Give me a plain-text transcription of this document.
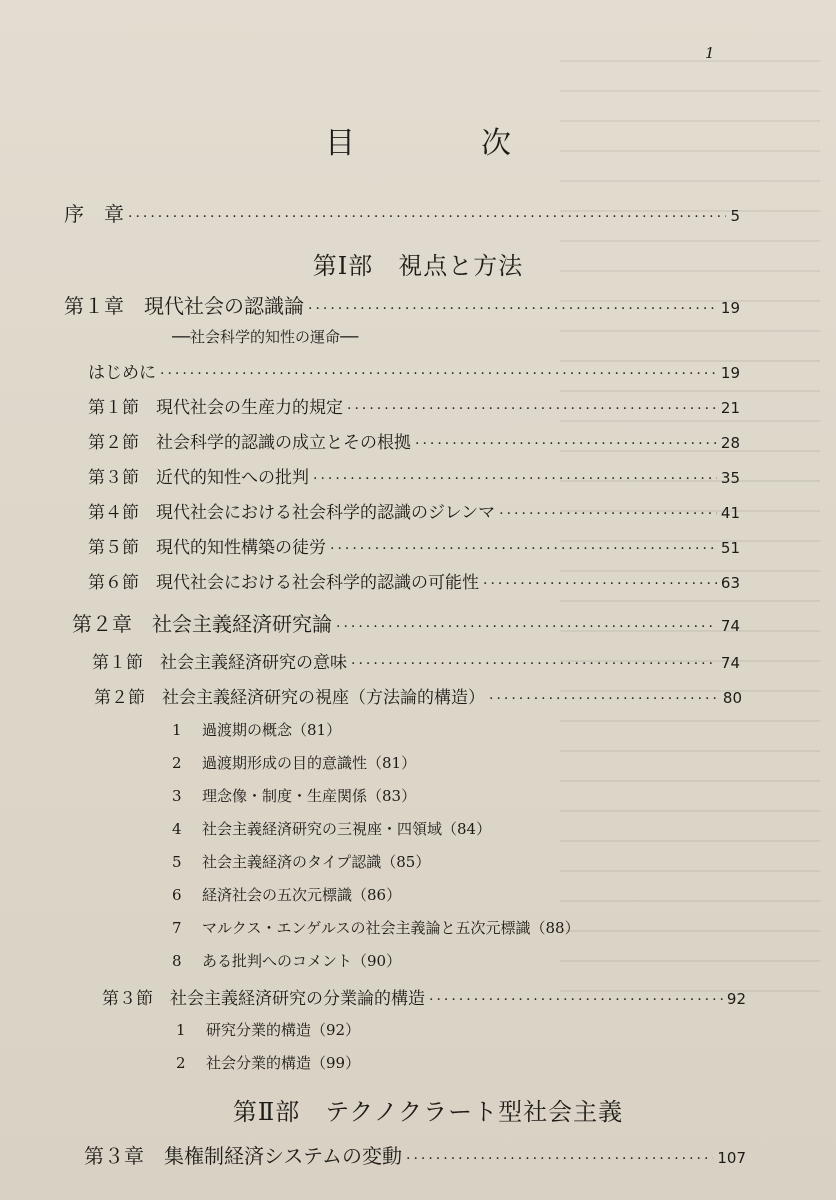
1
目　次
序　章 ·····	5
第Ⅰ部　視点と方法
第１章　現代社会の認識論 ·····	19
──社会科学的知性の運命──
はじめに ·····	19
第１節　現代社会の生産力的規定 ·····	21
第２節　社会科学的認識の成立とその根拠 ·····	28
第３節　近代的知性への批判 ·····	35
第４節　現代社会における社会科学的認識のジレンマ ·····	41
第５節　現代的知性構築の徒労 ·····	51
第６節　現代社会における社会科学的認識の可能性 ·····	63
第２章　社会主義経済研究論 ·····	74
第１節　社会主義経済研究の意味 ·····	74
第２節　社会主義経済研究の視座（方法論的構造） ·····	80
1 過渡期の概念（81）
2 過渡期形成の目的意識性（81）
3 理念像・制度・生産関係（83）
4 社会主義経済研究の三視座・四領域（84）
5 社会主義経済のタイプ認識（85）
6 経済社会の五次元標識（86）
7 マルクス・エンゲルスの社会主義論と五次元標識（88）
8 ある批判へのコメント（90）
第３節　社会主義経済研究の分業論的構造 ·····	92
1 研究分業的構造（92）
2 社会分業的構造（99）
第Ⅱ部　テクノクラート型社会主義
第３章　集権制経済システムの変動 ·····	107
